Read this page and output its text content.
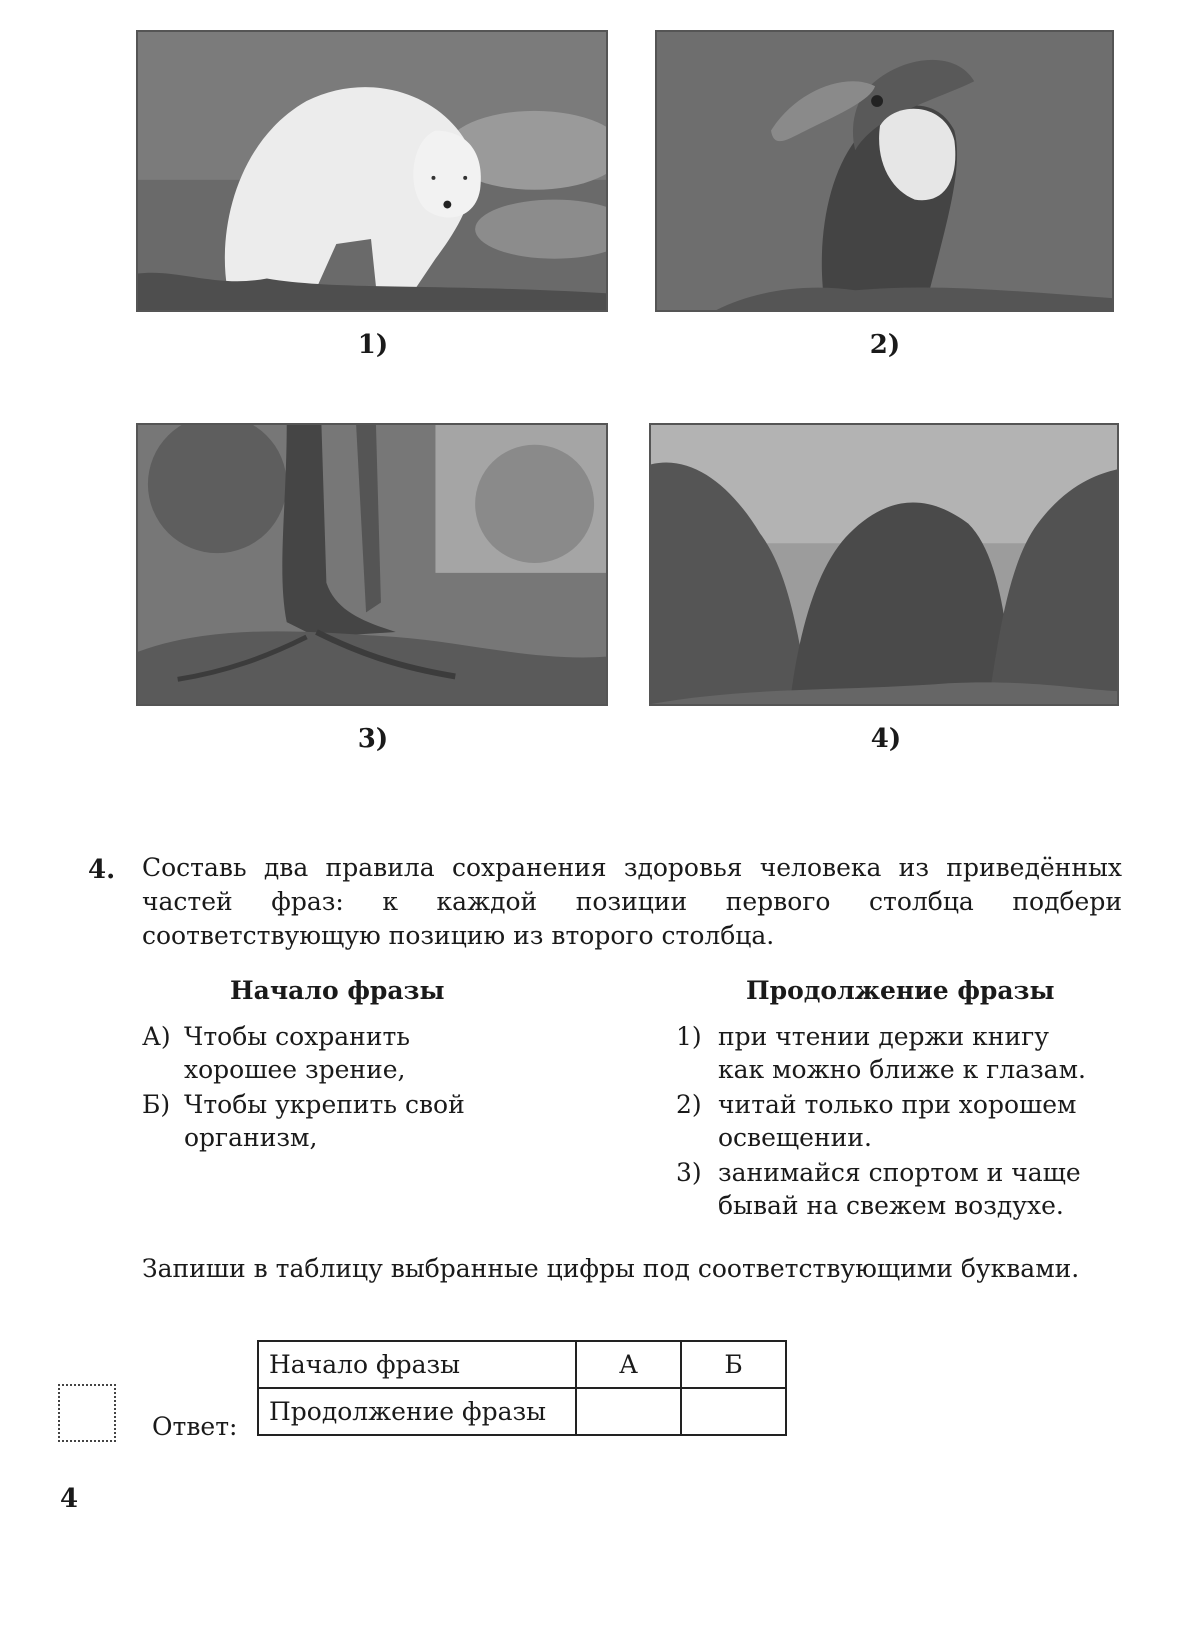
1)	2)
3)	4)
4. Составь два правила сохранения здоровья человека из приведённых частей фраз: к каждой позиции первого столбца подбери соответствующую позицию из второго столбца.
Начало фразы	Продолжение фразы
А) Чтобы сохранить
хорошее зрение,
Б) Чтобы укрепить свой
организм,
1) при чтении держи книгу
как можно ближе к глазам.
2) читай только при хорошем
освещении.
3) занимайся спортом и чаще
бывай на свежем воздухе.
Запиши в таблицу выбранные цифры под соответствующими буквами.
Ответ:
Начало фразы	А	Б
Продолжение фразы		
4
